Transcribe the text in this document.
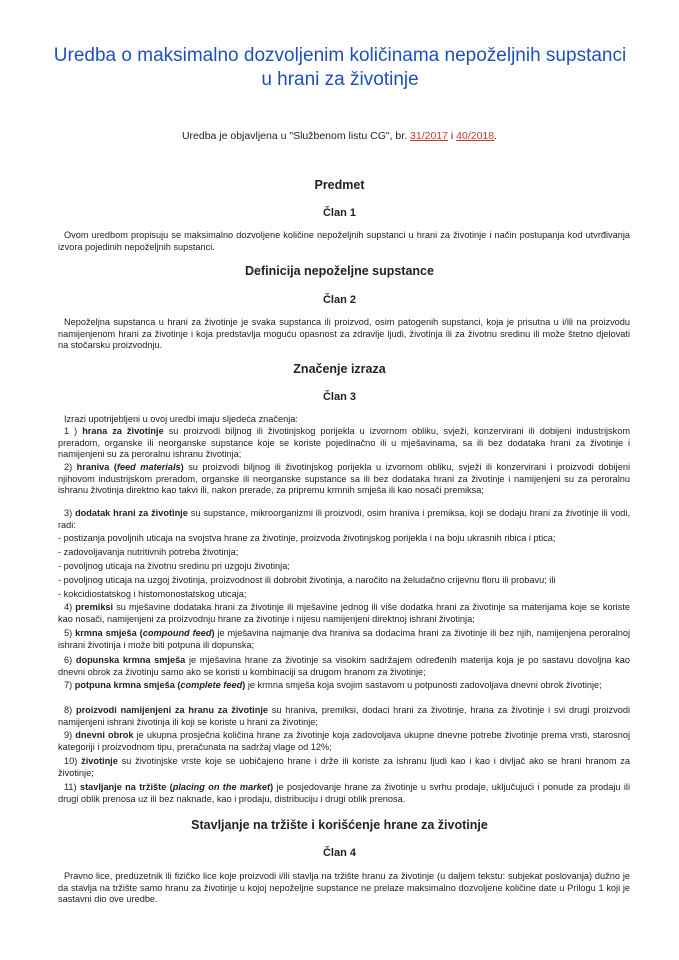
Uredba o maksimalno dozvoljenim količinama nepoželjnih supstanci
u hrani za životinje
Uredba je objavljena u "Službenom listu CG", br. 31/2017 i 40/2018.
Predmet
Član 1

Ovom uredbom propisuju se maksimalno dozvoljene količine nepoželjnih supstanci u hrani za životinje i način postupanja kod utvrđivanja izvora pojedinih nepoželjnih supstanci.

Definicija nepoželjne supstance
Član 2

Nepoželjna supstanca u hrani za životinje je svaka supstanca ili proizvod, osim patogenih supstanci, koja je prisutna u i/ili na proizvodu namijenjenom hrani za životinje i koja predstavlja moguću opasnost za zdravlje ljudi, životinja ili za životnu sredinu ili može štetno djelovati na stočarsku proizvodnju.

Značenje izraza
Član 3

Izrazi upotrijebljeni u ovoj uredbi imaju sljedeća značenja:

1 ) hrana za životinje su proizvodi biljnog ili životinjskog porijekla u izvornom obliku, svježi, konzervirani ili dobijeni industrijskom preradom, organske ili neorganske supstance koje se koriste pojedinačno ili u mješavinama, sa ili bez dodataka hrani za životinje i namijenjeni su za peroralnu ishranu životinja;

2) hraniva (feed materials) su proizvodi biljnog ili životinjskog porijekla u izvornom obliku, svježi ili konzervirani i proizvodi dobijeni njihovom industrijskom preradom, organske ili neorganske supstance sa ili bez dodataka hrani za životinje i namijenjeni su za peroralnu ishranu životinja direktno kao takvi ili, nakon prerade, za pripremu krmnih smješa ili kao nosači premiksa;

3) dodatak hrani za životinje su supstance, mikroorganizmi ili proizvodi, osim hraniva i premiksa, koji se dodaju hrani za životinje ili vodi, radi:

- postizanja povoljnih uticaja na svojstva hrane za životinje, proizvoda životinjskog porijekla i na boju ukrasnih ribica i ptica;

- zadovoljavanja nutritivnih potreba životinja;

- povoljnog uticaja na životnu sredinu pri uzgoju životinja;

- povoljnog uticaja na uzgoj životinja, proizvodnost ili dobrobit životinja, a naročito na želudačno crijevnu floru ili probavu; ili

- kokcidiostatskog i histomonostatskog uticaja;

4) premiksi su mješavine dodataka hrani za životinje ili mješavine jednog ili više dodatka hrani za životinje sa materijama koje se koriste kao nosači, namijenjeni za proizvodnju hrane za životinje i nijesu namijenjeni direktnoj ishrani životinja;

5) krmna smješa (compound feed) je mješavina najmanje dva hraniva sa dodacima hrani za životinje ili bez njih, namijenjena peroralnoj ishrani životinja i može biti potpuna ili dopunska;

6) dopunska krmna smješa je mješavina hrane za životinje sa visokim sadržajem određenih materija koja je po sastavu dovoljna kao dnevni obrok za životinju samo ako se koristi u kombinaciji sa drugom hranom za životinje;

7) potpuna krmna smješa (complete feed) je krmna smješa koja svojim sastavom u potpunosti zadovoljava dnevni obrok životinje;

8) proizvodi namijenjeni za hranu za životinje su hraniva, premiksi, dodaci hrani za životinje, hrana za životinje i svi drugi proizvodi namijenjeni ishrani životinja ili koji se koriste u hrani za životinje;

9) dnevni obrok je ukupna prosječna količina hrane za životinje koja zadovoljava ukupne dnevne potrebe životinje prema vrsti, starosnoj kategoriji i proizvodnom tipu, preračunata na sadržaj vlage od 12%;

10) životinje su životinjske vrste koje se uobičajeno hrane i drže ili koriste za ishranu ljudi kao i kao i divljač ako se hrani hranom za životinje;

11) stavljanje na tržište (placing on the market) je posjedovanje hrane za životinje u svrhu prodaje, uključujući i ponude za prodaju ili drugi oblik prenosa uz ili bez naknade, kao i prodaju, distribuciju i drugi oblik prenosa.

Stavljanje na tržište i korišćenje hrane za životinje
Član 4

Pravno lice, preduzetnik ili fizičko lice koje proizvodi i/ili stavlja na tržište hranu za životinje (u daljem tekstu: subjekat poslovanja) dužno je da stavlja na tržište samo hranu za životinje u kojoj nepoželjne supstance ne prelaze maksimalno dozvoljene količine date u Prilogu 1 koji je sastavni dio ove uredbe.
